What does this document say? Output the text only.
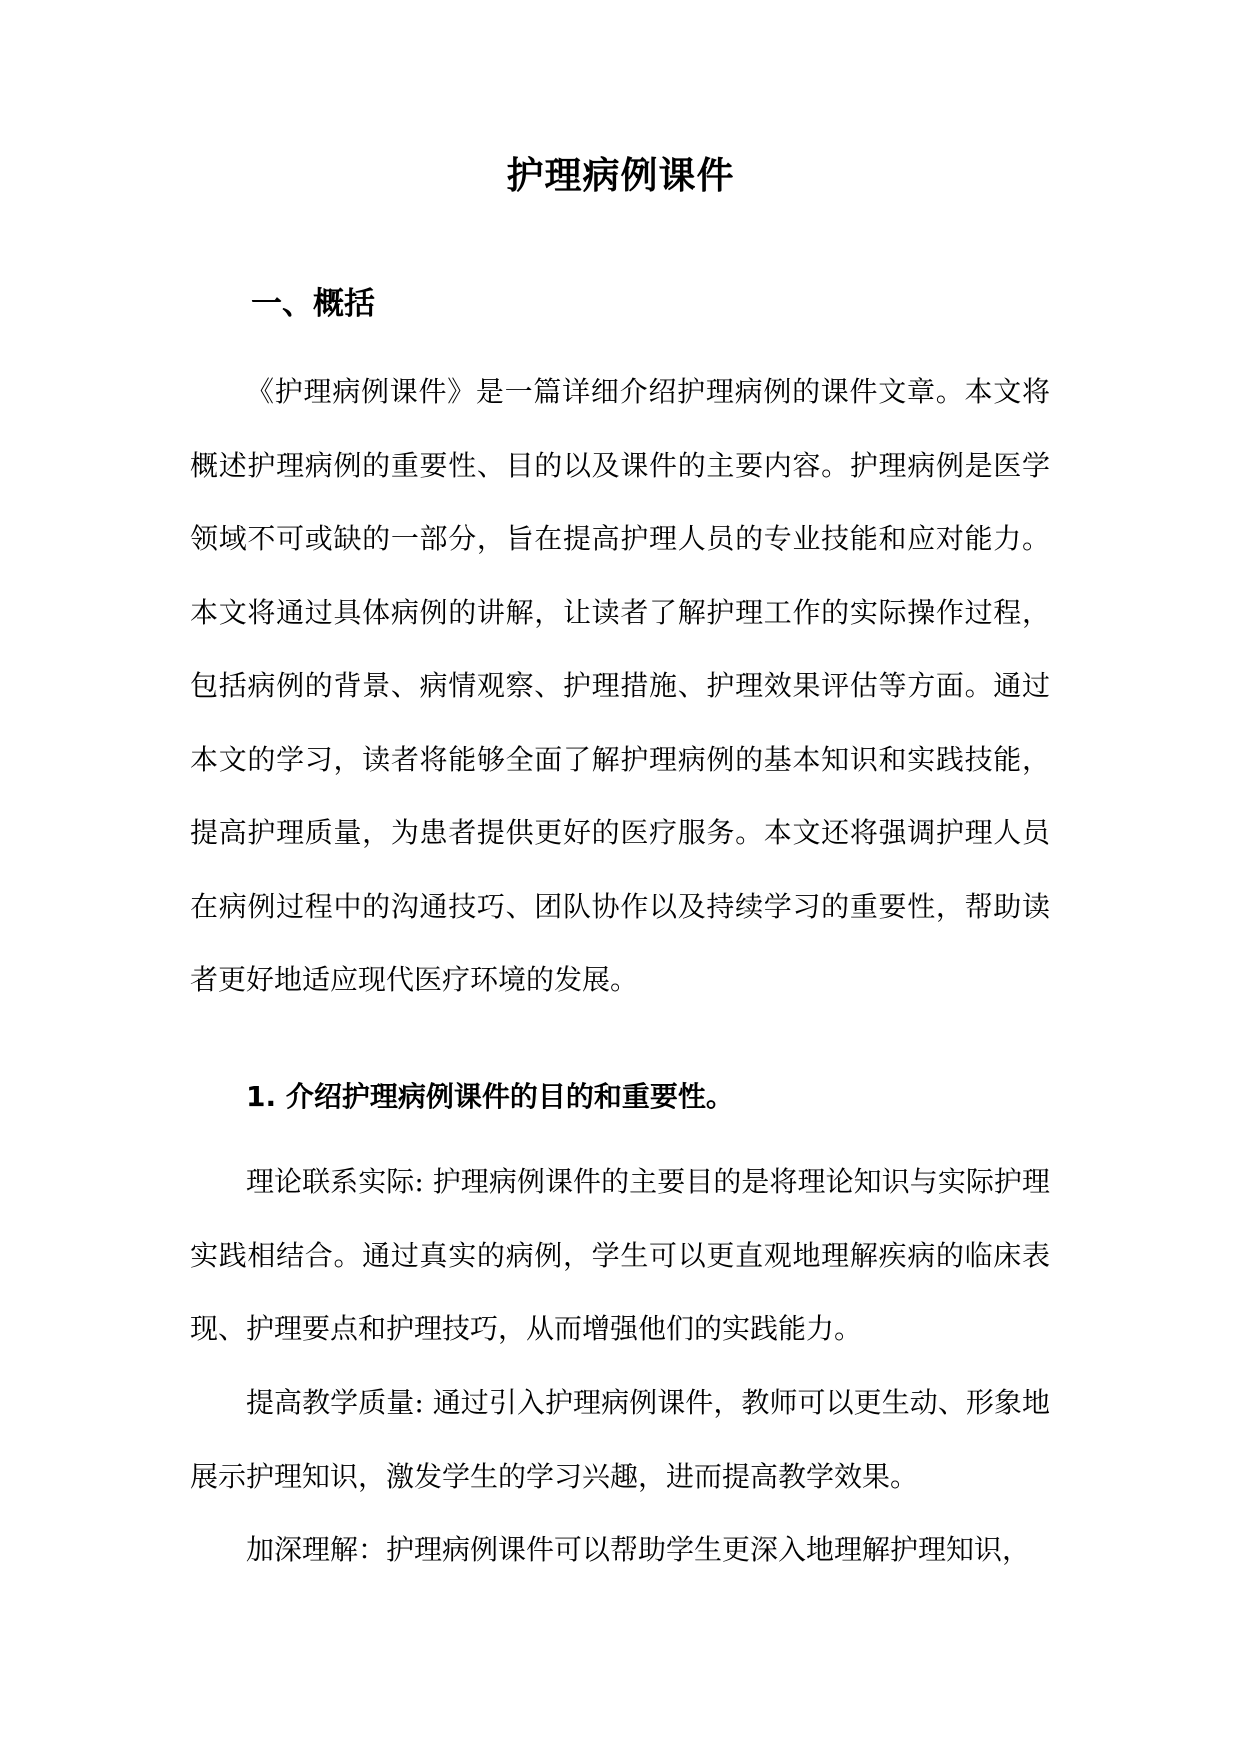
护理病例课件
一、概括

《护理病例课件》是一篇详细介绍护理病例的课件文章。本文将概述护理病例的重要性、目的以及课件的主要内容。护理病例是医学领域不可或缺的一部分，旨在提高护理人员的专业技能和应对能力。本文将通过具体病例的讲解，让读者了解护理工作的实际操作过程，包括病例的背景、病情观察、护理措施、护理效果评估等方面。通过本文的学习，读者将能够全面了解护理病例的基本知识和实践技能，提高护理质量，为患者提供更好的医疗服务。本文还将强调护理人员在病例过程中的沟通技巧、团队协作以及持续学习的重要性，帮助读者更好地适应现代医疗环境的发展。

1. 介绍护理病例课件的目的和重要性。

理论联系实际: 护理病例课件的主要目的是将理论知识与实际护理实践相结合。通过真实的病例，学生可以更直观地理解疾病的临床表现、护理要点和护理技巧，从而增强他们的实践能力。

提高教学质量: 通过引入护理病例课件，教师可以更生动、形象地展示护理知识，激发学生的学习兴趣，进而提高教学效果。

加深理解：护理病例课件可以帮助学生更深入地理解护理知识，
